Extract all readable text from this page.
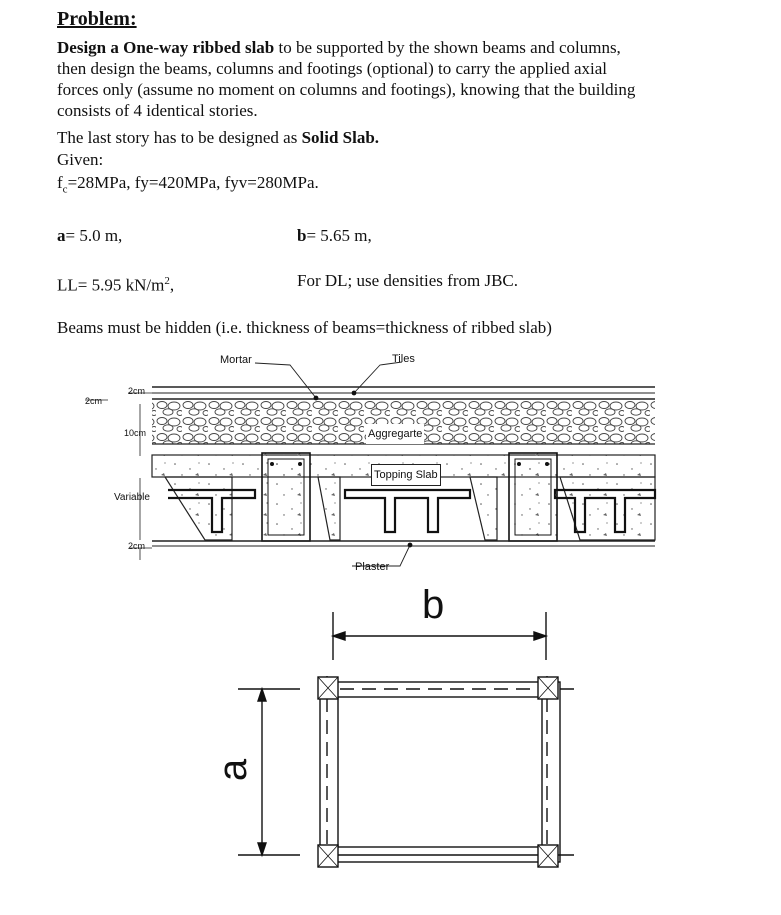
Problem:
Design a One-way ribbed slab to be supported by the shown beams and columns,
then design the beams, columns and footings (optional) to carry the applied axial
forces only (assume no moment on columns and footings), knowing that the building
consists of 4 identical stories.
The last story has to be designed as Solid Slab.
Given:
$f_c=28MPa$, fy=420MPa, fyv=280MPa.
a= 5.0 m,	b= 5.65 m,
LL= 5.95 $kN/m^2$,	For DL; use densities from JBC.
Beams must be hidden (i.e. thickness of beams=thickness of ribbed slab)
Mortar	Tiles
Aggregarte
Topping Slab
Plaster
2cm
2cm
10cm
Variable
2cm
b
a
